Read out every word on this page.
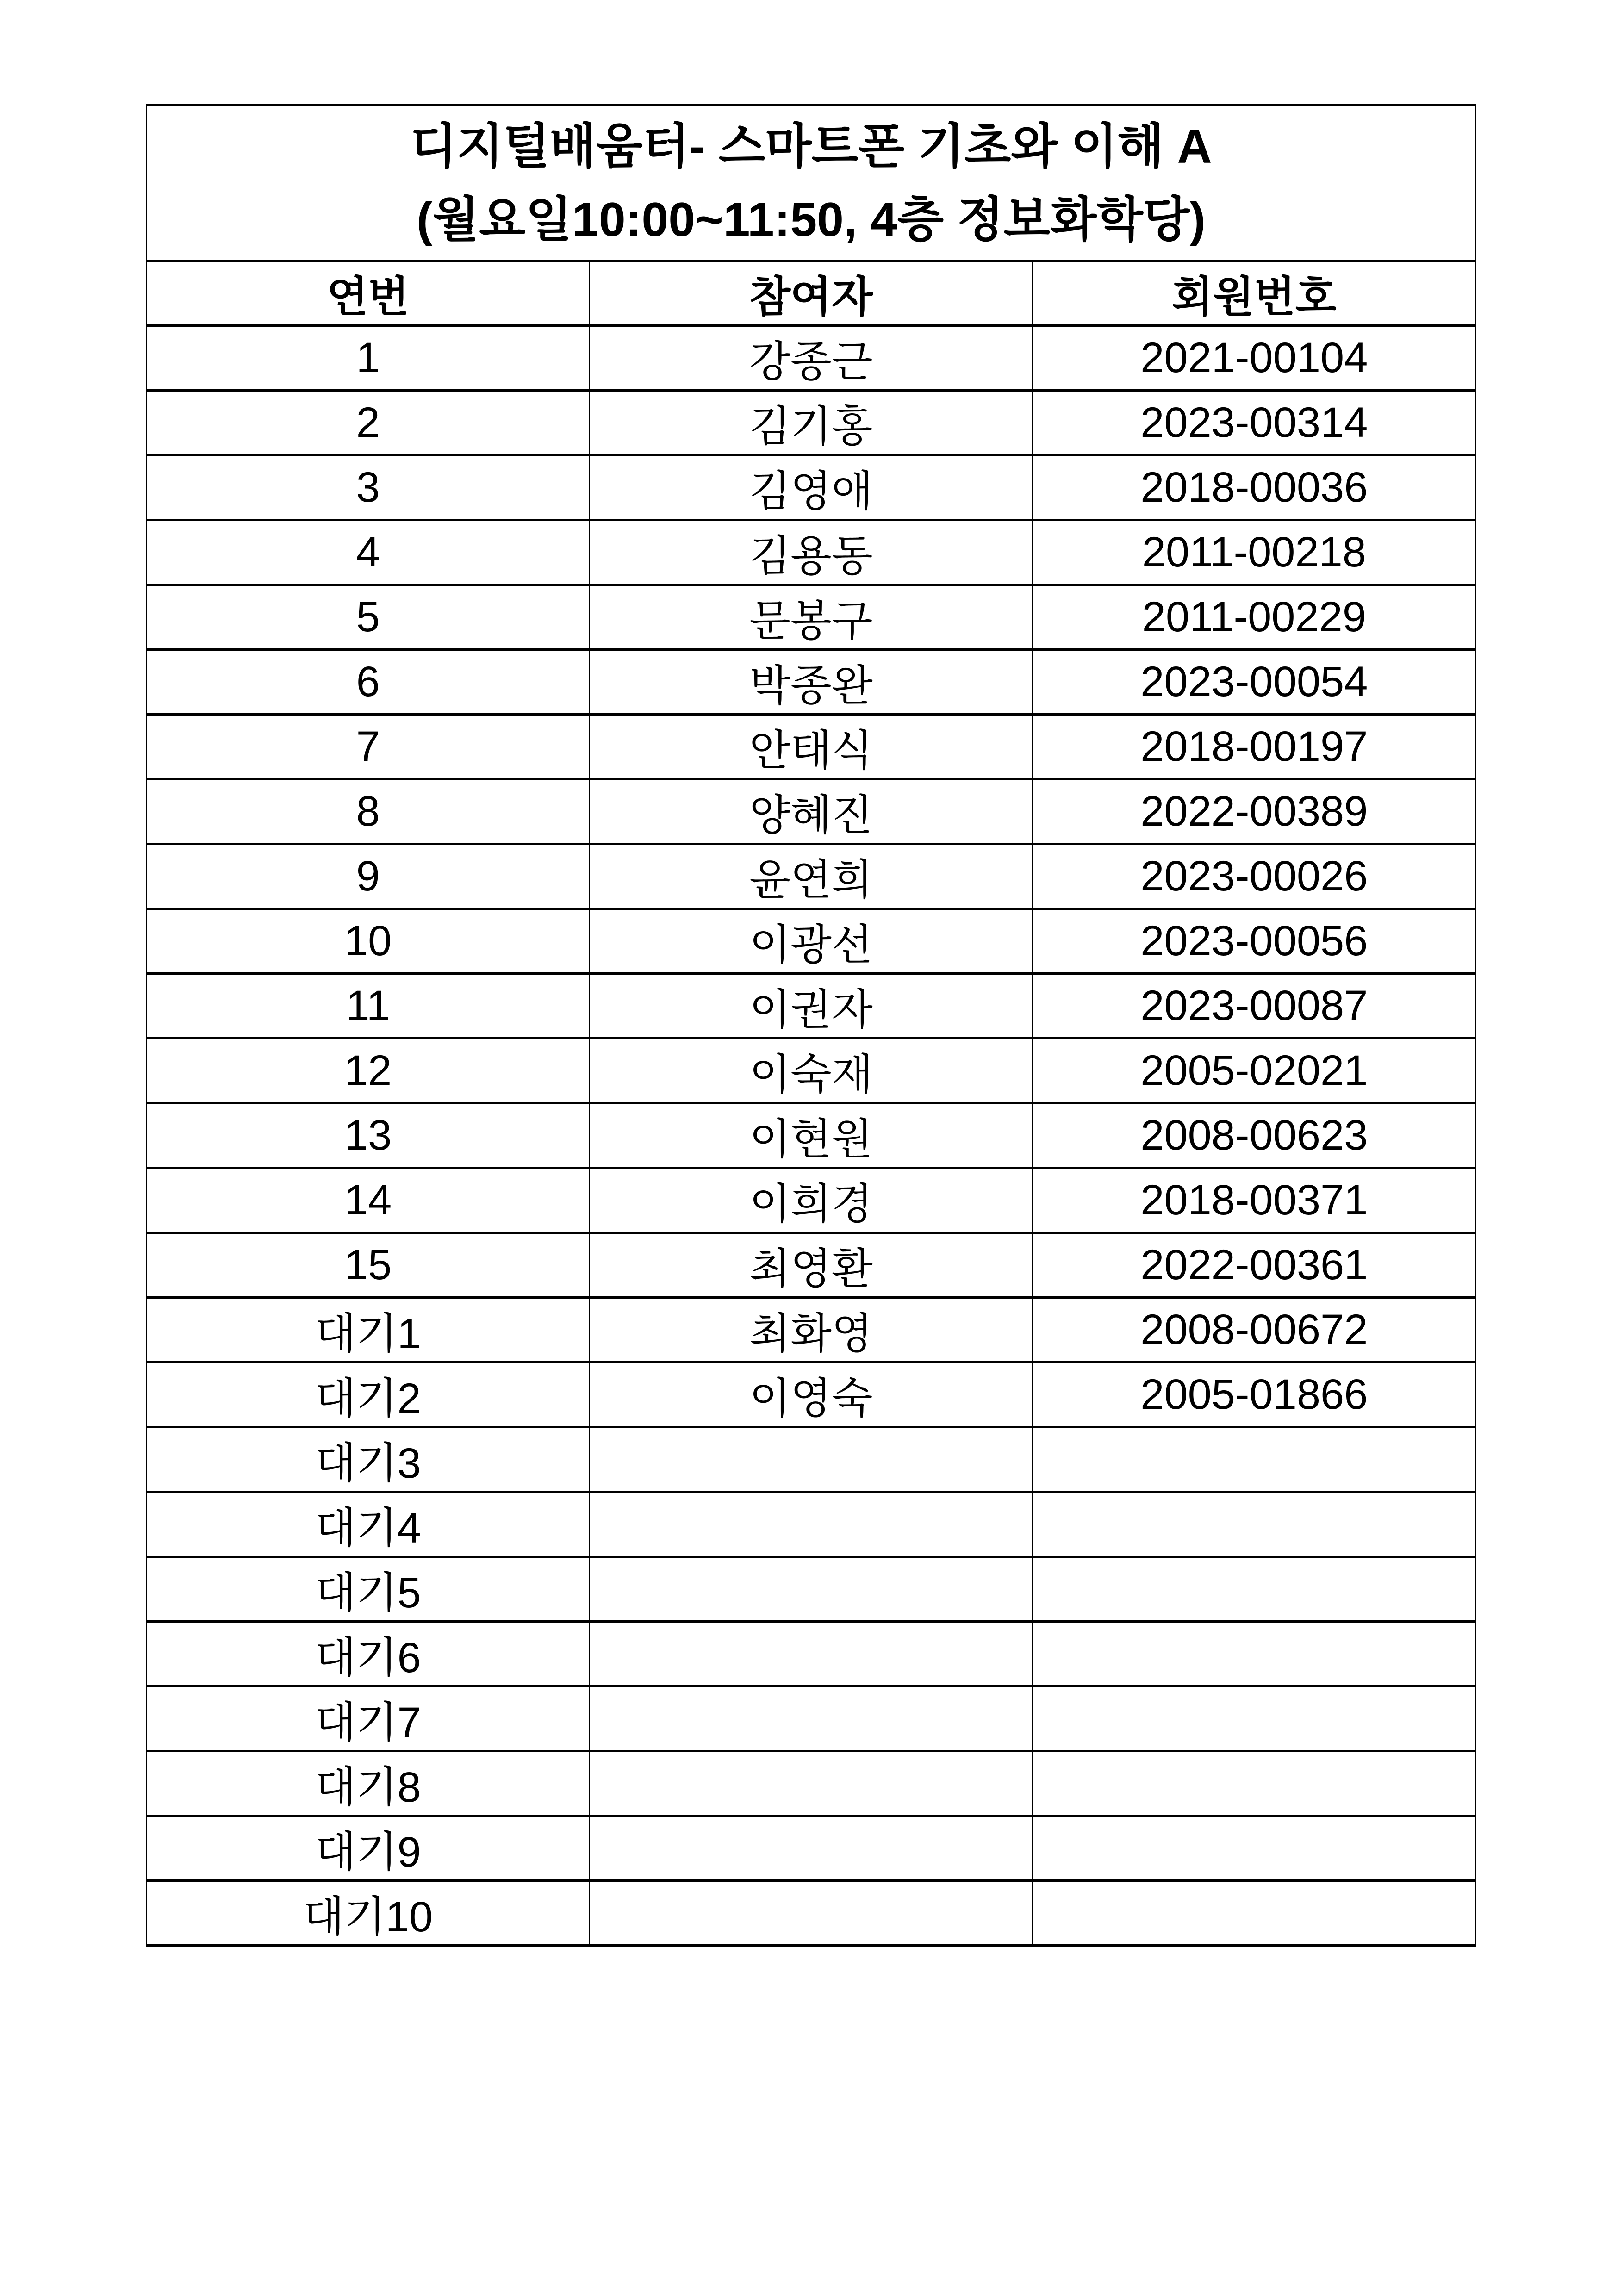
디지털배움터- 스마트폰 기초와 이해 A
(월요일10:00~11:50, 4층 정보화학당)		

연번	참여자	회원번호
1	강종근	2021-00104
2	김기홍	2023-00314
3	김영애	2018-00036
4	김용동	2011-00218
5	문봉구	2011-00229
6	박종완	2023-00054
7	안태식	2018-00197
8	양혜진	2022-00389
9	윤연희	2023-00026
10	이광선	2023-00056
11	이권자	2023-00087
12	이숙재	2005-02021
13	이현원	2008-00623
14	이희경	2018-00371
15	최영환	2022-00361
대기1	최화영	2008-00672
대기2	이영숙	2005-01866
대기3		
대기4		
대기5		
대기6		
대기7		
대기8		
대기9		
대기10		
